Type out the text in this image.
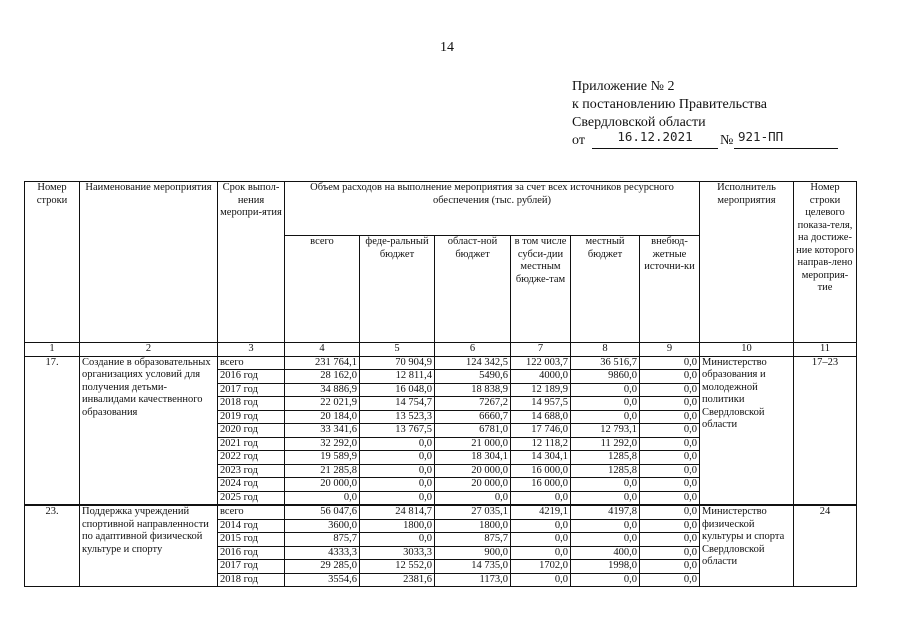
14
Приложение № 2
к постановлению Правительства
Свердловской области
от	16.12.2021	№ 921-ПП
Номер строки	Наименование мероприятия	Срок выпол-нения меропри-ятия	Объем расходов на выполнение мероприятия за счет всех источников ресурсного обеспечения (тыс. рублей)						Исполнитель мероприятия	Номер строки целевого показа-теля, на достиже-ние которого направ-лено мероприя-тие
			всего	феде-ральный бюджет	област-ной бюджет	в том числе субси-дии местным бюдже-там	местный бюджет	внебюд-жетные источни-ки		
1	2	3	4	5	6	7	8	9	10	11
17.	Создание в образовательных организациях условий для получения детьми-инвалидами качественного образования	всего	231 764,1	70 904,9	124 342,5	122 003,7	36 516,7	0,0	Министерство образования и молодежной политики Свердловской области	17–23
		2016 год	28 162,0	12 811,4	5490,6	4000,0	9860,0	0,0		
		2017 год	34 886,9	16 048,0	18 838,9	12 189,9	0,0	0,0		
		2018 год	22 021,9	14 754,7	7267,2	14 957,5	0,0	0,0		
		2019 год	20 184,0	13 523,3	6660,7	14 688,0	0,0	0,0		
		2020 год	33 341,6	13 767,5	6781,0	17 746,0	12 793,1	0,0		
		2021 год	32 292,0	0,0	21 000,0	12 118,2	11 292,0	0,0		
		2022 год	19 589,9	0,0	18 304,1	14 304,1	1285,8	0,0		
		2023 год	21 285,8	0,0	20 000,0	16 000,0	1285,8	0,0		
		2024 год	20 000,0	0,0	20 000,0	16 000,0	0,0	0,0		
		2025 год	0,0	0,0	0,0	0,0	0,0	0,0		
23.	Поддержка учреждений спортивной направленности по адаптивной физической культуре и спорту	всего	56 047,6	24 814,7	27 035,1	4219,1	4197,8	0,0	Министерство физической культуры и спорта Свердловской области	24
		2014 год	3600,0	1800,0	1800,0	0,0	0,0	0,0		
		2015 год	875,7	0,0	875,7	0,0	0,0	0,0		
		2016 год	4333,3	3033,3	900,0	0,0	400,0	0,0		
		2017 год	29 285,0	12 552,0	14 735,0	1702,0	1998,0	0,0		
		2018 год	3554,6	2381,6	1173,0	0,0	0,0	0,0		
